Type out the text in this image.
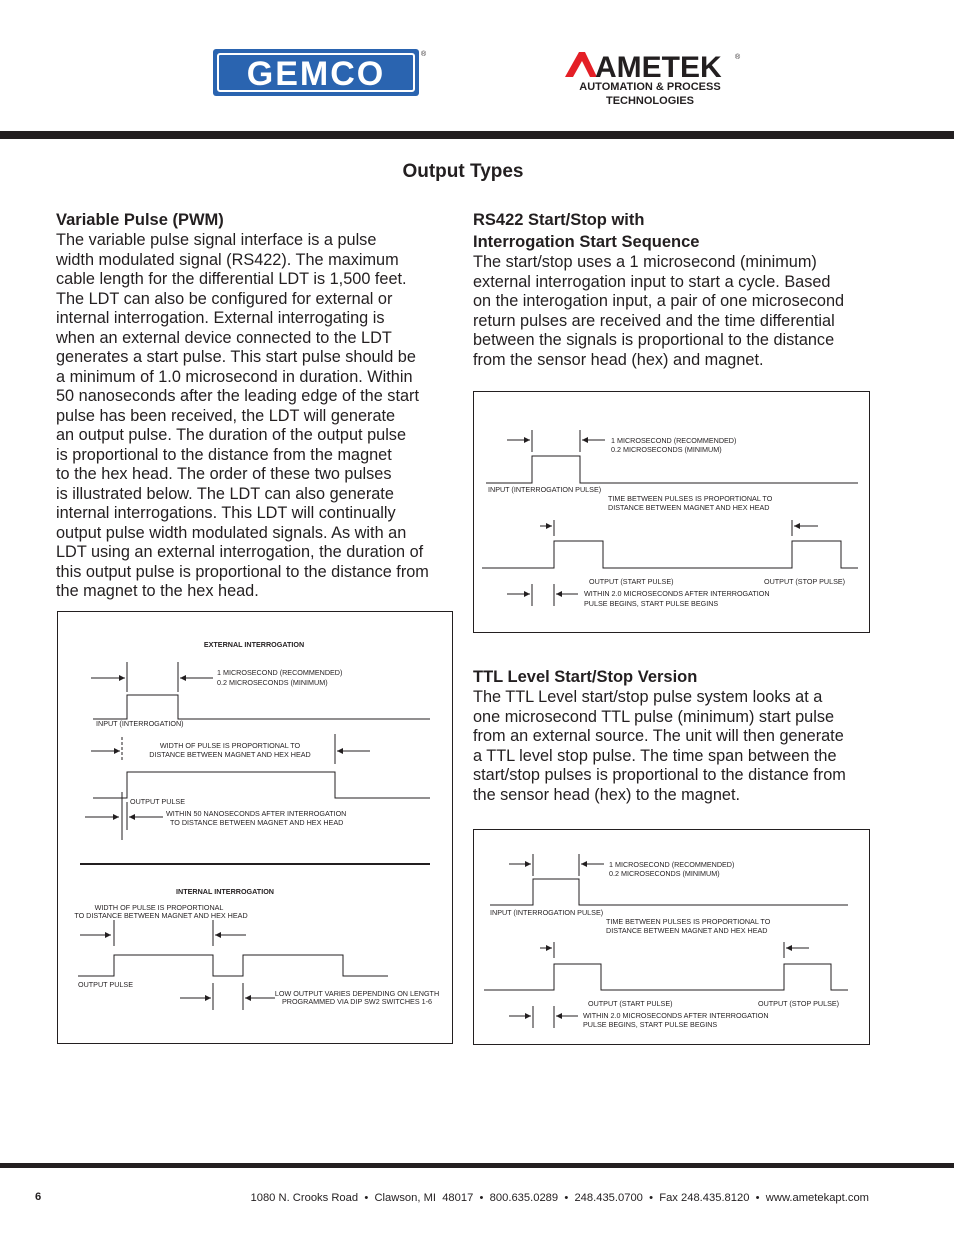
GEMCO
®	AMETEK ®
AUTOMATION & PROCESS
TECHNOLOGIES
Output Types
Variable Pulse (PWM)
The variable pulse signal interface is a pulse
width modulated signal (RS422). The maximum
cable length for the differential LDT is 1,500 feet.
The LDT can also be configured for external or
internal interrogation. External interrogating is
when an external device connected to the LDT
generates a start pulse. This start pulse should be
a minimum of 1.0 microsecond in duration. Within
50 nanoseconds after the leading edge of the start
pulse has been received, the LDT will generate
an output pulse. The duration of the output pulse
is proportional to the distance from the magnet
to the hex head. The order of these two pulses
is illustrated below. The LDT can also generate
internal interrogations. This LDT will continually
output pulse width modulated signals. As with an
LDT using an external interrogation, the duration of
this output pulse is proportional to the distance from
the magnet to the hex head.
EXTERNAL INTERROGATION
1 MICROSECOND (RECOMMENDED)
0.2 MICROSECONDS (MINIMUM)
INPUT (INTERROGATION)
WIDTH OF PULSE IS PROPORTIONAL TO
DISTANCE BETWEEN MAGNET AND HEX HEAD
OUTPUT PULSE
WITHIN 50 NANOSECONDS AFTER INTERROGATION
TO DISTANCE BETWEEN MAGNET AND HEX HEAD
INTERNAL INTERROGATION
WIDTH OF PULSE IS PROPORTIONAL
TO DISTANCE BETWEEN MAGNET AND HEX HEAD
OUTPUT PULSE
LOW OUTPUT VARIES DEPENDING ON LENGTH
PROGRAMMED VIA DIP SW2 SWITCHES 1-6
RS422 Start/Stop with
Interrogation Start Sequence
The start/stop uses a 1 microsecond (minimum)
external interrogation input to start a cycle. Based
on the interogation input, a pair of one microsecond
return pulses are received and the time differential
between the signals is proportional to the distance
from the sensor head (hex) and magnet.
1 MICROSECOND (RECOMMENDED)
0.2 MICROSECONDS (MINIMUM)
INPUT (INTERROGATION PULSE)
TIME BETWEEN PULSES IS PROPORTIONAL TO
DISTANCE BETWEEN MAGNET AND HEX HEAD
OUTPUT (START PULSE)	OUTPUT (STOP PULSE)
WITHIN 2.0 MICROSECONDS AFTER INTERROGATION
PULSE BEGINS, START PULSE BEGINS
TTL Level Start/Stop Version
The TTL Level start/stop pulse system looks at a
one microsecond TTL pulse (minimum) start pulse
from an external source. The unit will then generate
a TTL level stop pulse. The time span between the
start/stop pulses is proportional to the distance from
the sensor head (hex) to the magnet.
1 MICROSECOND (RECOMMENDED)
0.2 MICROSECONDS (MINIMUM)
INPUT (INTERROGATION PULSE)
TIME BETWEEN PULSES IS PROPORTIONAL TO
DISTANCE BETWEEN MAGNET AND HEX HEAD
OUTPUT (START PULSE)	OUTPUT (STOP PULSE)
WITHIN 2.0 MICROSECONDS AFTER INTERROGATION
PULSE BEGINS, START PULSE BEGINS
6	1080 N. Crooks Road  •  Clawson, MI  48017  •  800.635.0289  •  248.435.0700  •  Fax 248.435.8120  •  www.ametekapt.com
